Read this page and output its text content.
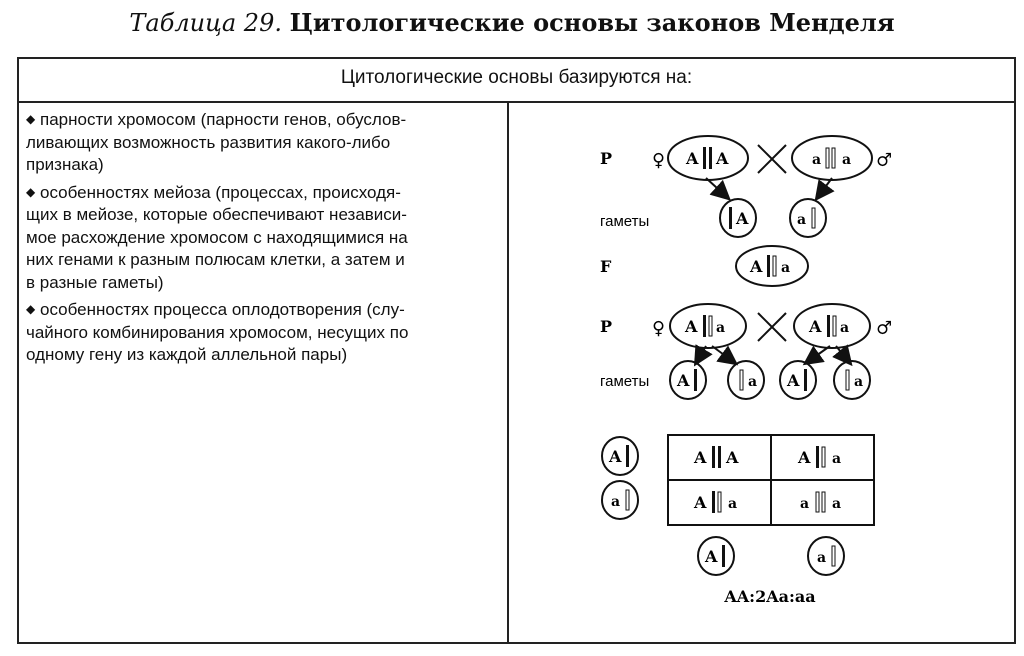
Таблица 29. Цитологические основы законов Менделя
Цитологические основы базируются на:
◆ парности хромосом (парности генов, обуслов-
ливающих возможность развития какого-либо
признака)
◆ особенностях мейоза (процессах, происходя-
щих в мейозе, которые обеспечивают независи-
мое расхождение хромосом с находящимися на
них генами к разным полюсам клетки, а затем и
в разные гаметы)
◆ особенностях процесса оплодотворения (слу-
чайного комбинирования хромосом, несущих по
одному гену из каждой аллельной пары)
P
гаметы
F
P
гаметы
♀	♂
♀	♂
A A	a a
A	a
A a
A a	A a
A	a A	a
A
a
A	a
A A	A a
A a	a a
AA:2Aa:aa
